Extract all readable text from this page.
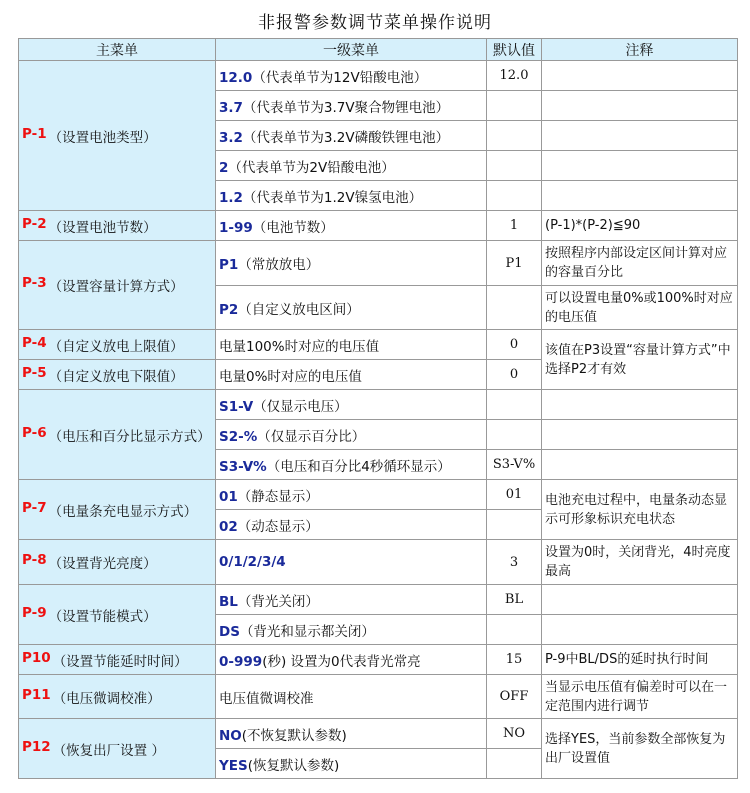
非报警参数调节菜单操作说明
主菜单	一级菜单	默认值	注释

P-1 （设置电池类型）	12.0（代表单节为12V铅酸电池）	12.0	
	3.7（代表单节为3.7V聚合物锂电池）		
	3.2（代表单节为3.2V磷酸铁锂电池）		
	2（代表单节为2V铅酸电池）		
	1.2（代表单节为1.2V镍氢电池）		

P-2 （设置电池节数）	1-99（电池节数）	1	(P-1)*(P-2)≦90

P-3 （设置容量计算方式）	P1（常放放电）	P1	按照程序内部设定区间计算对应的容量百分比
	P2（自定义放电区间）		可以设置电量0%或100%时对应的电压值

P-4 （自定义放电上限值）	电量100%时对应的电压值	0	该值在P3设置“容量计算方式”中选择P2才有效

P-5 （自定义放电下限值）	电量0%时对应的电压值	0	

P-6 （电压和百分比显示方式）	S1-V（仅显示电压）		
	S2-%（仅显示百分比）		
	S3-V%（电压和百分比4秒循环显示）	S3-V%	

P-7 （电量条充电显示方式）	01（静态显示）	01	电池充电过程中，电量条动态显示可形象标识充电状态
	02（动态显示）		

P-8 （设置背光亮度）	0/1/2/3/4	3	设置为0时，关闭背光，4时亮度最高

P-9 （设置节能模式）	BL（背光关闭）	BL	
	DS（背光和显示都关闭）		

P10 （设置节能延时时间）	0-999(秒) 设置为0代表背光常亮	15	P-9中BL/DS的延时执行时间

P11 （电压微调校准）	电压值微调校准	OFF	当显示电压值有偏差时可以在一定范围内进行调节

P12 （恢复出厂设置 ）	NO(不恢复默认参数)	NO	选择YES，当前参数全部恢复为出厂设置值
	YES(恢复默认参数)		
